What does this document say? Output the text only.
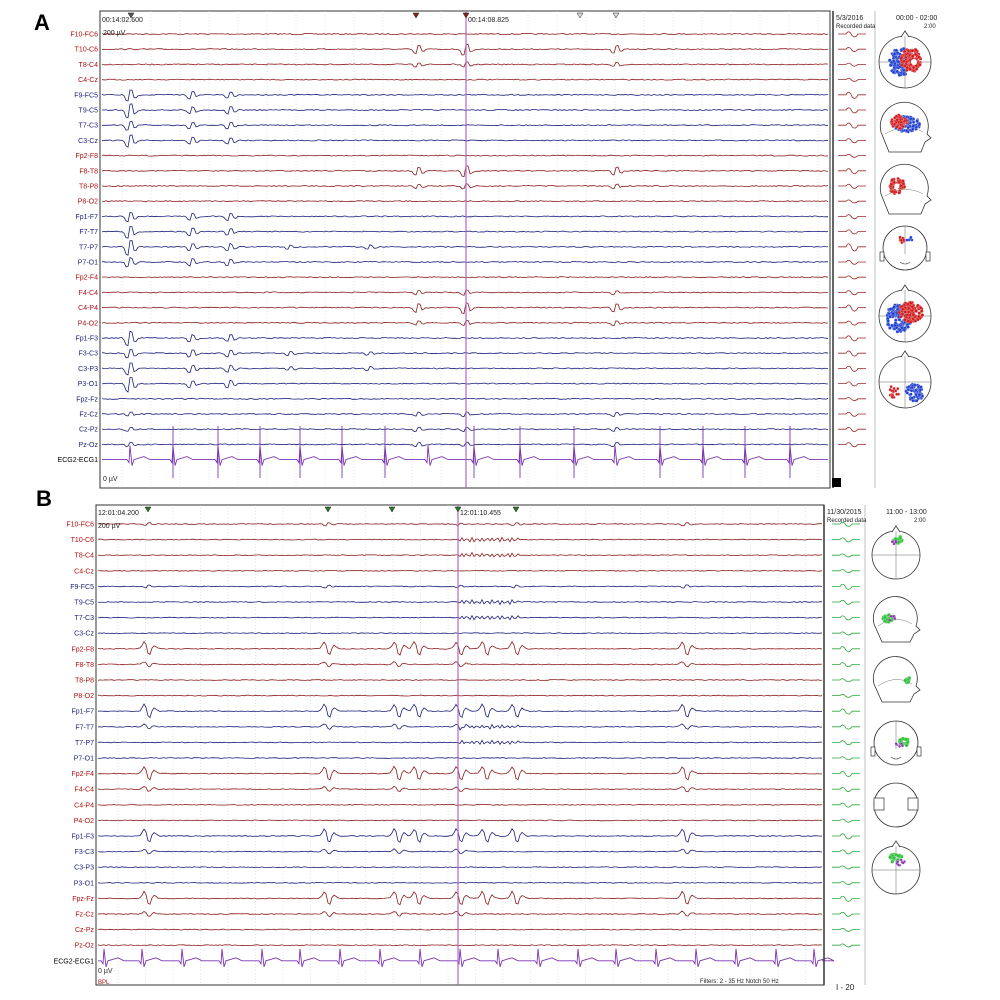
A
B
F10-FC6
T10-C6
T8-C4
C4-Cz
F9-FC5
T9-C5
T7-C3
C3-Cz
Fp2-F8
F8-T8
T8-P8
P8-O2
Fp1-F7
F7-T7
T7-P7
P7-O1
Fp2-F4
F4-C4
C4-P4
P4-O2
Fp1-F3
F3-C3
C3-P3
P3-O1
Fpz-Fz
Fz-Cz
Cz-Pz
Pz-Oz
ECG2-ECG1
00:14:02.600	00:14:08.825
200 µV
0 µV
5/3/2016
Recorded data
00:00 - 02:00
2:00
F10-FC6
T10-C6
T8-C4
C4-Cz
F9-FC5
T9-C5
T7-C3
C3-Cz
Fp2-F8
F8-T8
T8-P8
P8-O2
Fp1-F7
F7-T7
T7-P7
P7-O1
Fp2-F4
F4-C4
C4-P4
P4-O2
Fp1-F3
F3-C3
C3-P3
P3-O1
Fpz-Fz
Fz-Cz
Cz-Pz
Pz-Oz
ECG2-ECG1
12:01:04.200	12:01:10.455
200 µV
0 µV
BPL	Filters: 2 - 35 Hz Notch 50 Hz
11/30/2015
Recorded data
11:00 - 13:00
2:00
I - 20
